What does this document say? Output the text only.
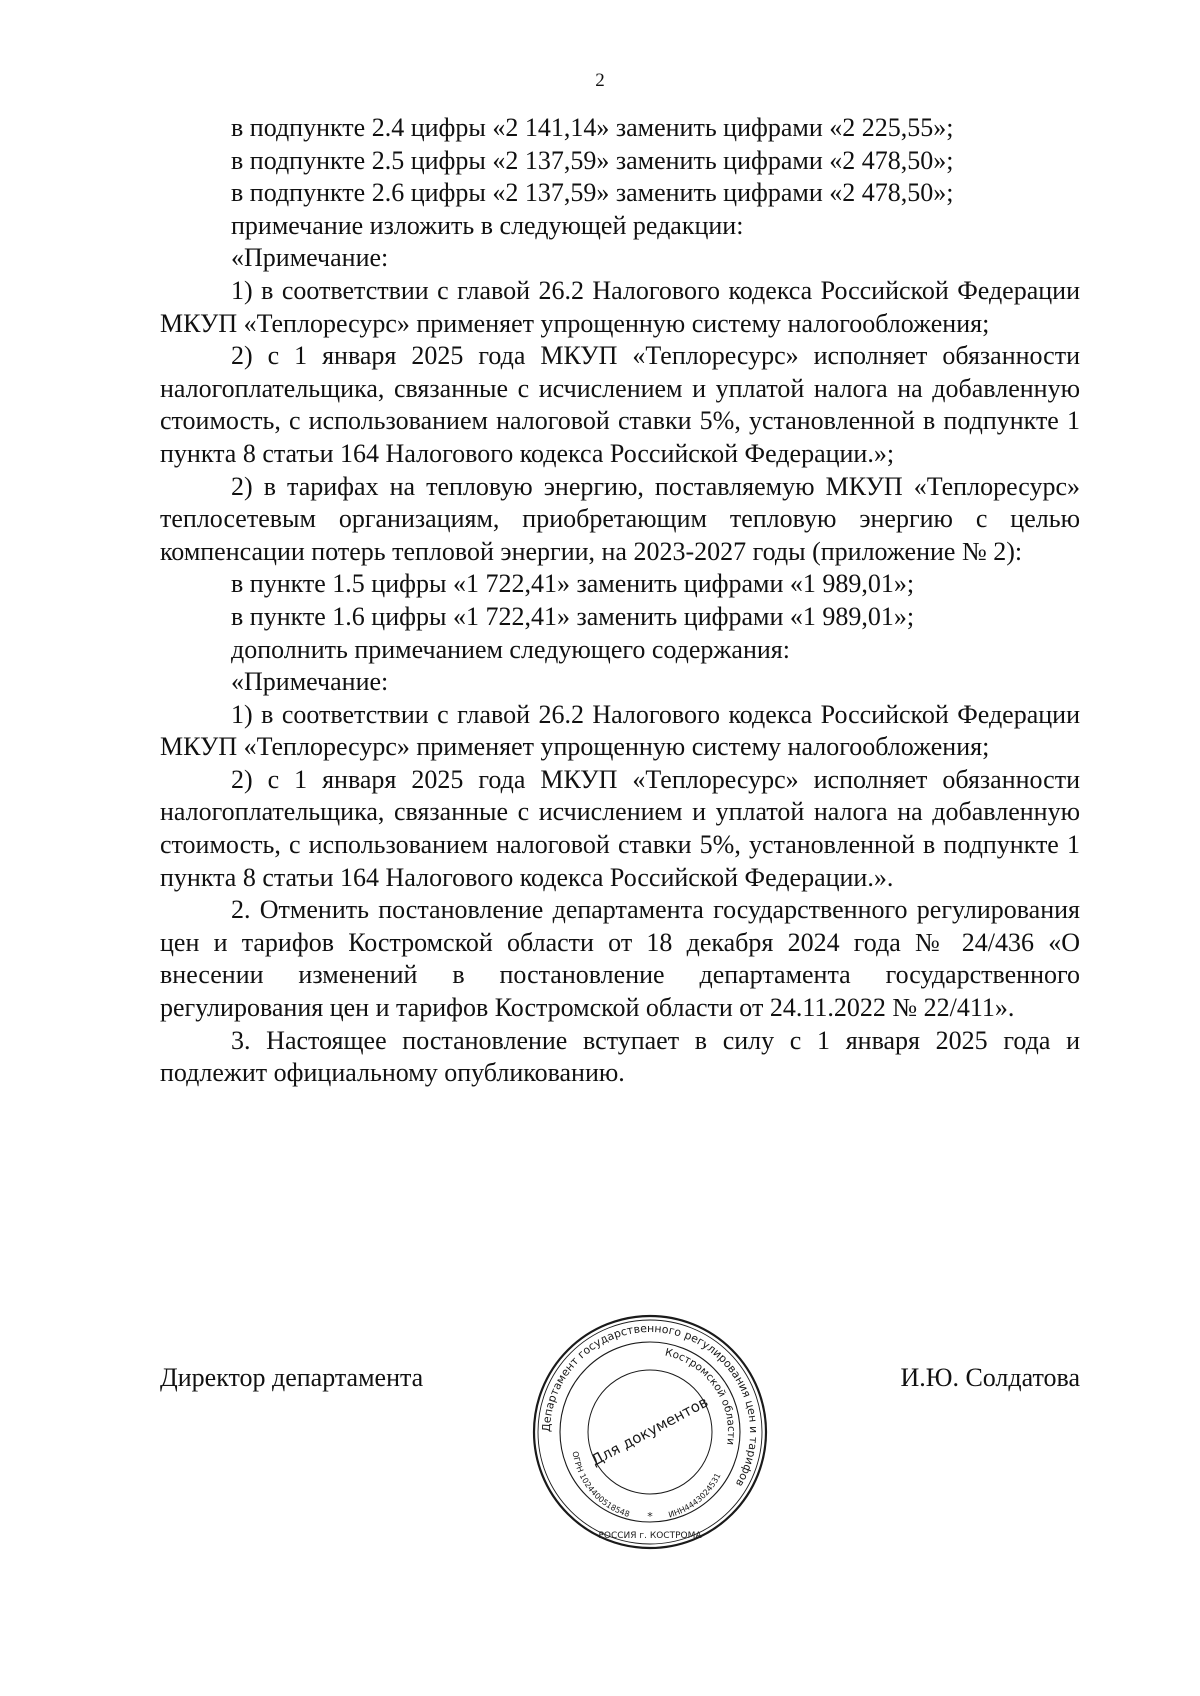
2

в подпункте 2.4 цифры «2 141,14» заменить цифрами «2 225,55»;

в подпункте 2.5 цифры «2 137,59» заменить цифрами «2 478,50»;

в подпункте 2.6 цифры «2 137,59» заменить цифрами «2 478,50»;

примечание изложить в следующей редакции:

«Примечание:

1) в соответствии с главой 26.2 Налогового кодекса Российской Федерации МКУП «Теплоресурс» применяет упрощенную систему налогообложения;

2) с 1 января 2025 года МКУП «Теплоресурс» исполняет обязанности налогоплательщика, связанные с исчислением и уплатой налога на добавленную стоимость, с использованием налоговой ставки 5%, установленной в подпункте 1 пункта 8 статьи 164 Налогового кодекса Российской Федерации.»;

2) в тарифах на тепловую энергию, поставляемую МКУП «Теплоресурс» теплосетевым организациям, приобретающим тепловую энергию с целью компенсации потерь тепловой энергии, на 2023-2027 годы (приложение № 2):

в пункте 1.5 цифры «1 722,41» заменить цифрами «1 989,01»;

в пункте 1.6 цифры «1 722,41» заменить цифрами «1 989,01»;

дополнить примечанием следующего содержания:

«Примечание:

1) в соответствии с главой 26.2 Налогового кодекса Российской Федерации МКУП «Теплоресурс» применяет упрощенную систему налогообложения;

2) с 1 января 2025 года МКУП «Теплоресурс» исполняет обязанности налогоплательщика, связанные с исчислением и уплатой налога на добавленную стоимость, с использованием налоговой ставки 5%, установленной в подпункте 1 пункта 8 статьи 164 Налогового кодекса Российской Федерации.».

2. Отменить постановление департамента государственного регулирования цен и тарифов Костромской области от 18 декабря 2024 года № 24/436 «О внесении изменений в постановление департамента государственного регулирования цен и тарифов Костромской области от 24.11.2022 № 22/411».

3. Настоящее постановление вступает в силу с 1 января 2025 года и подлежит официальному опубликованию.

Директор департамента	И.Ю. Солдатова
Департамент государственного регулирования цен и тарифов
Костромской области
ОГРН 1024400518548	ИНН4443024531
РОССИЯ г. КОСТРОМА
Для документов
*
